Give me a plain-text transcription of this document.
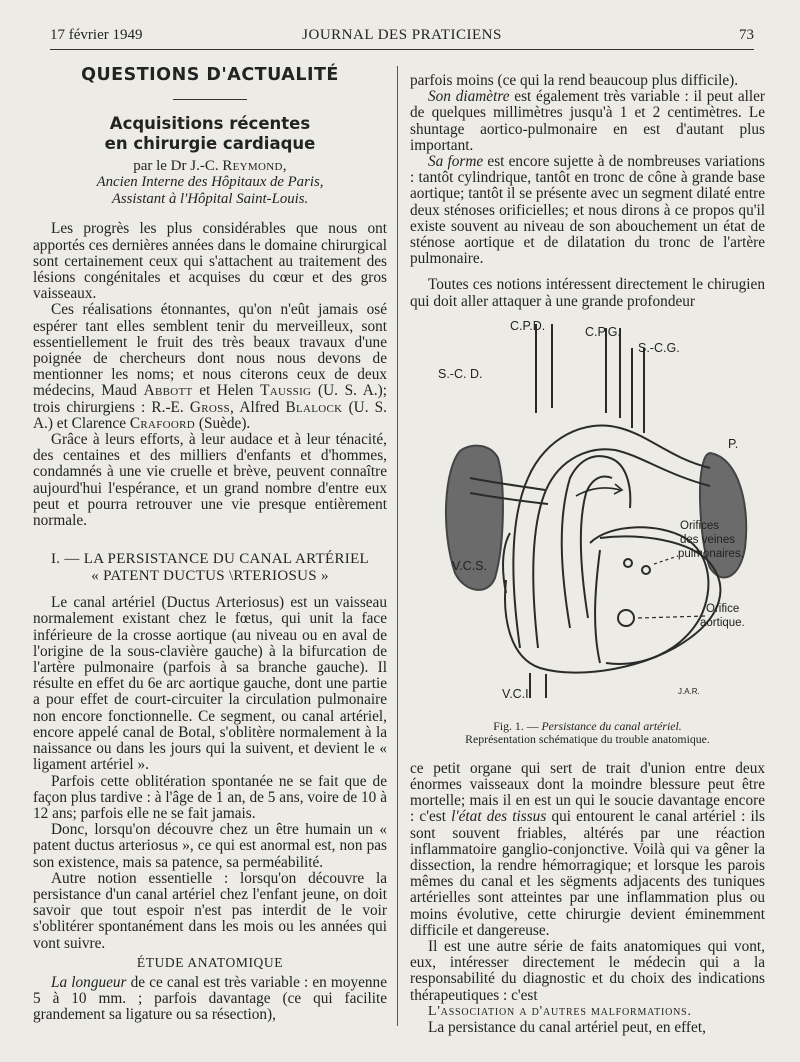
17 février 1949	JOURNAL DES PRATICIENS	73
QUESTIONS D'ACTUALITÉ
Acquisitions récentes
en chirurgie cardiaque
par le Dr J.-C. Reymond,
Ancien Interne des Hôpitaux de Paris,
Assistant à l'Hôpital Saint-Louis.

Les progrès les plus considérables que nous ont apportés ces dernières années dans le domaine chirurgical sont certainement ceux qui s'attachent au traitement des lésions congénitales et acquises du cœur et des gros vaisseaux.

Ces réalisations étonnantes, qu'on n'eût jamais osé espérer tant elles semblent tenir du merveilleux, sont essentiellement le fruit des très beaux travaux d'une poignée de chercheurs dont nous nous devons de mentionner les noms; et nous citerons ceux de deux médecins, Maud Abbott et Helen Taussig (U. S. A.); trois chirurgiens : R.-E. Gross, Alfred Blalock (U. S. A.) et Clarence Crafoord (Suède).

Grâce à leurs efforts, à leur audace et à leur ténacité, des centaines et des milliers d'enfants et d'hommes, condamnés à une vie cruelle et brève, peuvent connaître aujourd'hui l'espérance, et un grand nombre d'entre eux peut et pourra retrouver une vie presque entièrement normale.

I. — LA PERSISTANCE DU CANAL ARTÉRIEL
« PATENT DUCTUS \RTERIOSUS »

Le canal artériel (Ductus Arteriosus) est un vaisseau normalement existant chez le fœtus, qui unit la face inférieure de la crosse aortique (au niveau ou en aval de l'origine de la sous-clavière gauche) à la bifurcation de l'artère pulmonaire (parfois à sa branche gauche). Il résulte en effet du 6e arc aortique gauche, dont une partie a pour effet de court-circuiter la circulation pulmonaire non encore fonctionnelle. Ce segment, ou canal artériel, encore appelé canal de Botal, s'oblitère normalement à la naissance ou dans les jours qui la suivent, et devient le « ligament artériel ».

Parfois cette oblitération spontanée ne se fait que de façon plus tardive : à l'âge de 1 an, de 5 ans, voire de 10 à 12 ans; parfois elle ne se fait jamais.

Donc, lorsqu'on découvre chez un être humain un « patent ductus arteriosus », ce qui est anormal est, non pas son existence, mais sa patence, sa perméabilité.

Autre notion essentielle : lorsqu'on découvre la persistance d'un canal artériel chez l'enfant jeune, on doit savoir que tout espoir n'est pas interdit de le voir s'oblitérer spontanément dans les mois ou les années qui vont suivre.

ÉTUDE ANATOMIQUE

La longueur de ce canal est très variable : en moyenne 5 à 10 mm. ; parfois davantage (ce qui facilite grandement sa ligature ou sa résection),

parfois moins (ce qui la rend beaucoup plus difficile).

Son diamètre est également très variable : il peut aller de quelques millimètres jusqu'à 1 et 2 centimètres. Le shuntage aortico-pulmonaire en est d'autant plus important.

Sa forme est encore sujette à de nombreuses variations : tantôt cylindrique, tantôt en tronc de cône à grande base aortique; tantôt il se présente avec un segment dilaté entre deux sténoses orificielles; et nous dirons à ce propos qu'il existe souvent au niveau de son abouchement un état de sténose aortique et de dilatation du tronc de l'artère pulmonaire.

Toutes ces notions intéressent directement le chirugien qui doit aller attaquer à une grande profondeur

C.P.D.	C.P.G.
S.-C.G.
S.-C. D.
P.
V.C.S.
V.C.I.
Orifices
des veines
pulmonaires.
Orifice
aortique.
J.A.R.
Fig. 1. — Persistance du canal artériel.
Représentation schématique du trouble anatomique.

ce petit organe qui sert de trait d'union entre deux énormes vaisseaux dont la moindre blessure peut être mortelle; mais il en est un qui le soucie davantage encore : c'est l'état des tissus qui entourent le canal artériel : ils sont souvent friables, altérés par une réaction inflammatoire ganglio-conjonctive. Voilà qui va gêner la dissection, la rendre hémorragique; et lorsque les parois mêmes du canal et les sëgments adjacents des tuniques artérielles sont atteintes par une inflammation plus ou moins évolutive, cette chirurgie devient éminemment difficile et dangereuse.

Il est une autre série de faits anatomiques qui vont, eux, intéresser directement le médecin qui a la responsabilité du diagnostic et du choix des indications thérapeutiques : c'est

L'association a d'autres malformations.

La persistance du canal artériel peut, en effet,
